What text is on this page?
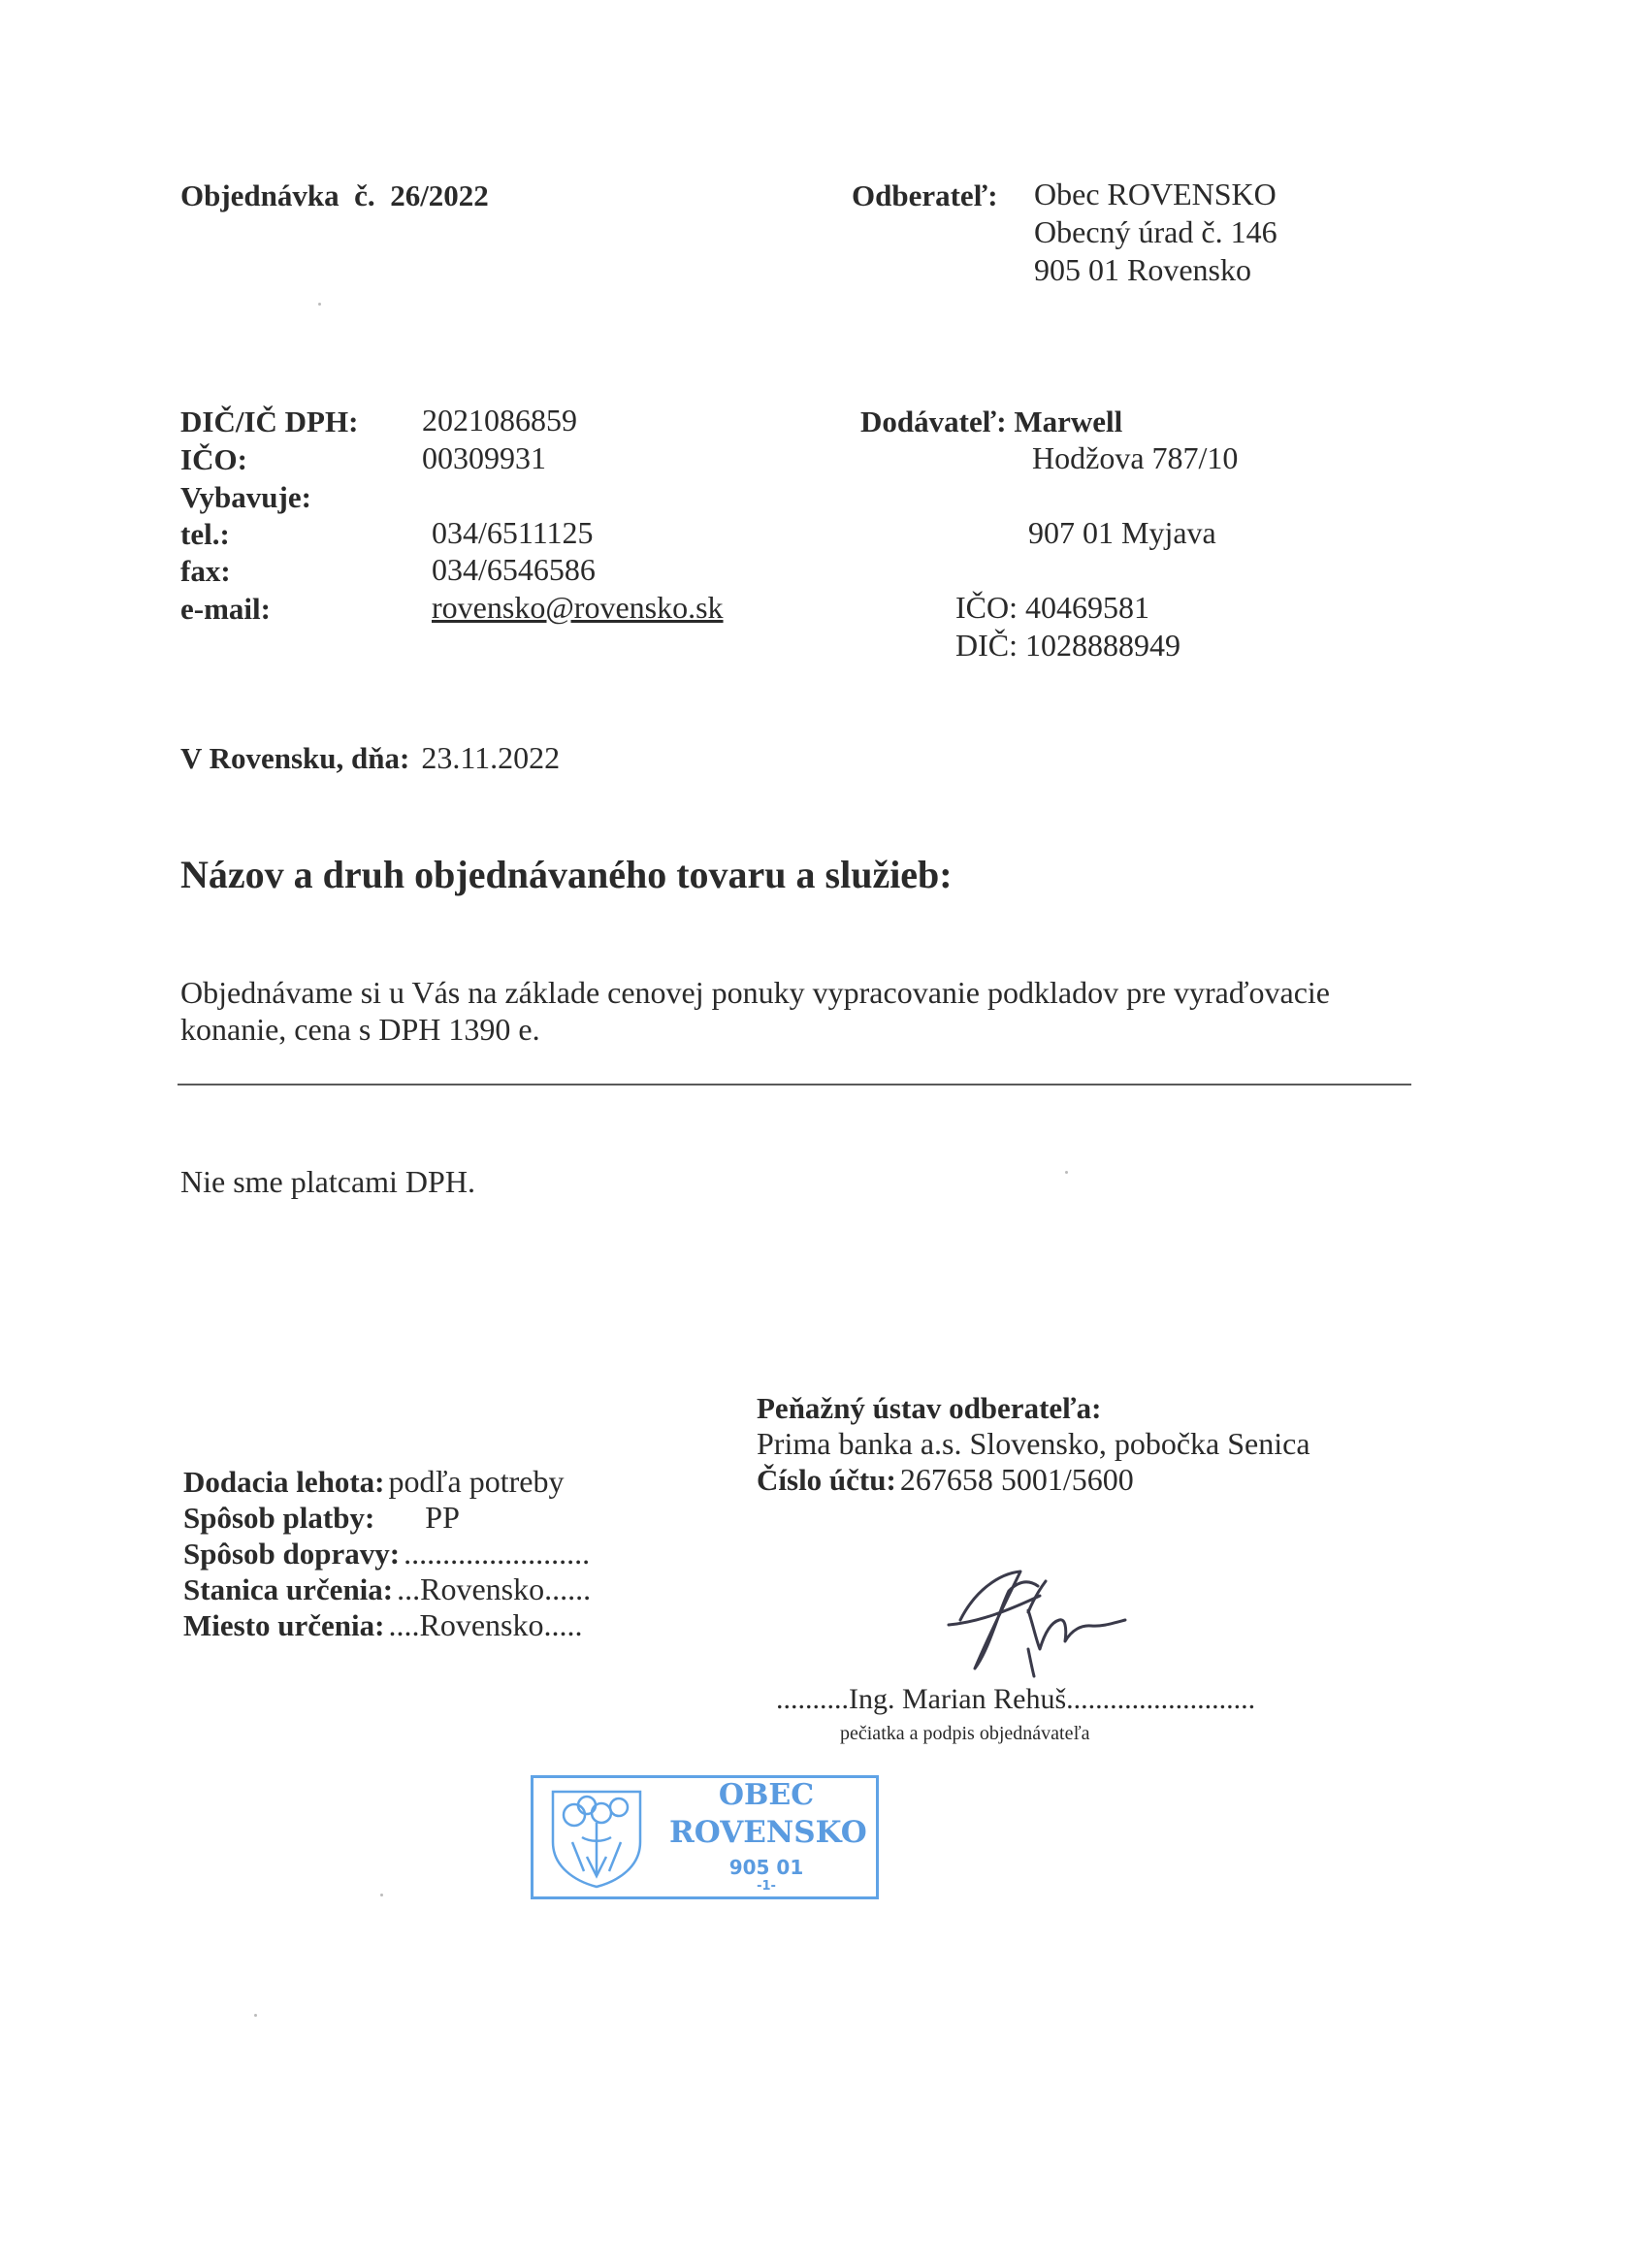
Objednávka č. 26/2022	Odberateľ: Obec ROVENSKO
Obecný úrad č. 146
905 01 Rovensko
DIČ/IČ DPH: 2021086859
IČO:	00309931
Vybavuje:
tel.:	034/6511125
fax:	034/6546586
e-mail:	rovensko@rovensko.sk
Dodávateľ: Marwell
Hodžova 787/10
907 01 Myjava
IČO: 40469581
DIČ: 1028888949
V Rovensku, dňa: 23.11.2022
Názov a druh objednávaného tovaru a služieb:
Objednávame si u Vás na základe cenovej ponuky vypracovanie podkladov pre vyraďovacie
konanie, cena s DPH 1390 e.
Nie sme platcami DPH.
Peňažný ústav odberateľa:
Prima banka a.s. Slovensko, pobočka Senica
Číslo účtu: 267658 5001/5600
Dodacia lehota: podľa potreby
Spôsob platby: PP
Spôsob dopravy: ........................
Stanica určenia: ...Rovensko......
Miesto určenia: ....Rovensko.....
..........Ing. Marian Rehuš..........................
pečiatka a podpis objednávateľa
OBEC
ROVENSKO
905 01
-1-
